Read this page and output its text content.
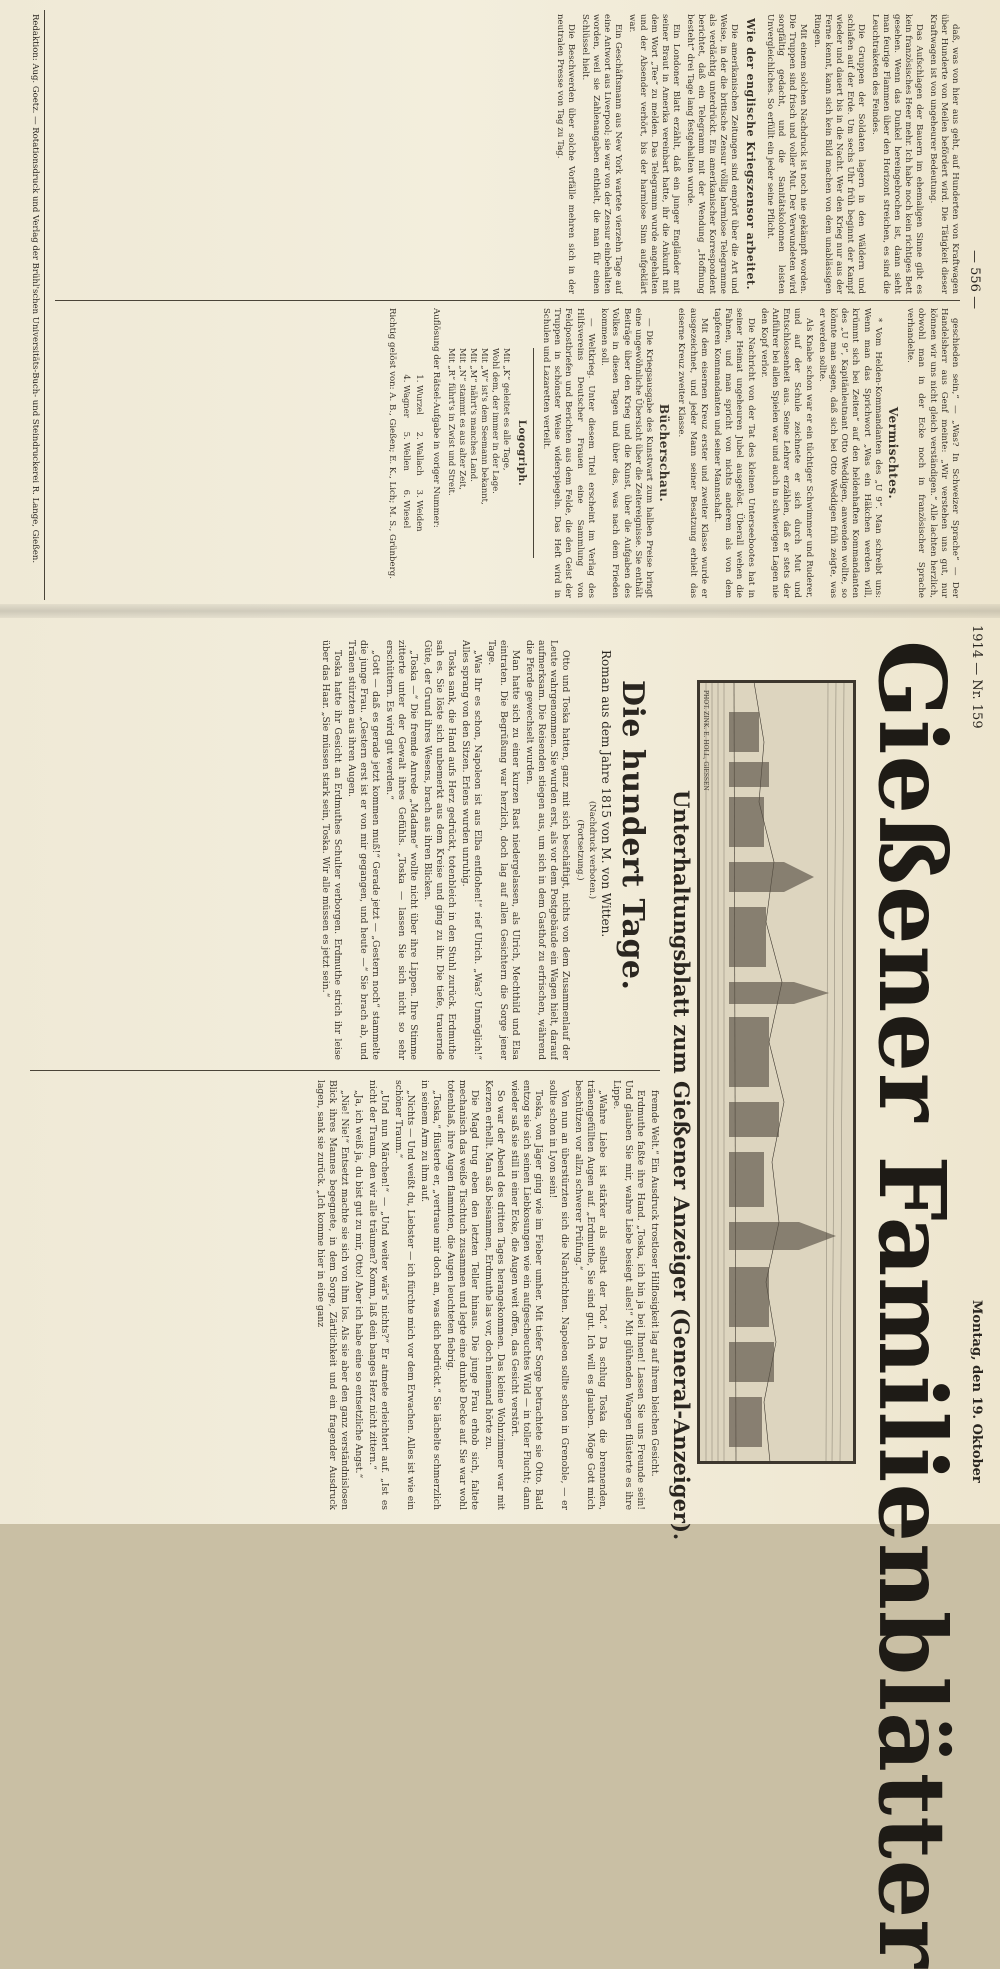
— 556 —

daß, was von hier aus geht, auf Hunderten von Kraftwagen über Hunderte von Meilen befördert wird. Die Tätigkeit dieser Kraftwagen ist von ungeheurer Bedeutung.

Das Aufschlagen der Bauern im ehemaligen Sinne gibt es kein französisches Heer mehr. Ich habe noch kein richtiges Bett gesehen. Wenn das Dunkel hereingebrochen ist, dann sieht man feurige Flammen über den Horizont streichen, es sind die Leuchtraketen des Feindes.

Die Gruppen der Soldaten lagern in den Wäldern und schlafen auf der Erde. Um sechs Uhr früh beginnt der Kampf wieder und dauert bis in die Nacht. Wer den Krieg nur aus der Ferne kennt, kann sich kein Bild machen von dem unablässigen Ringen.

Mit einem solchen Nachdruck ist noch nie gekämpft worden. Die Truppen sind frisch und voller Mut. Der Verwundeten wird sorgfältig gedacht, und die Sanitätskolonnen leisten Unvergleichliches. So erfüllt ein jeder seine Pflicht.

Wie der englische Kriegszensor arbeitet.

Die amerikanischen Zeitungen sind empört über die Art und Weise, in der die britische Zensur völlig harmlose Telegramme als verdächtig unterdrückt. Ein amerikanischer Korrespondent berichtet, daß ein Telegramm mit der Wendung „Hoffnung besteht“ drei Tage lang festgehalten wurde.

Ein Londoner Blatt erzählt, daß ein junger Engländer mit seiner Braut in Amerika vereinbart hatte, ihr die Ankunft mit dem Wort „Tee“ zu melden. Das Telegramm wurde angehalten und der Absender verhört, bis der harmlose Sinn aufgeklärt war.

Ein Geschäftsmann aus New York wartete vierzehn Tage auf eine Antwort aus Liverpool; sie war von der Zensur einbehalten worden, weil sie Zahlenangaben enthielt, die man für einen Schlüssel hielt.

Die Beschwerden über solche Vorfälle mehren sich in der neutralen Presse von Tag zu Tag.

geschieden sein,“ — „Was? In Schweizer Sprache“ — Der Handelsherr aus Genf meinte: „Wir verstehen uns gut, nur können wir uns nicht gleich verständigen.“ Alle lachten herzlich, obwohl man in der Ecke noch in französischer Sprache verhandelte.

Vermischtes.

* Vom Helden-Kommandanten des „U 9“. Man schreibt uns: Wenn man das Sprichwort „Was ein Häkchen werden will, krümmt sich bei Zeiten“ auf den heldenhaften Kommandanten des „U 9“, Kapitänleutnant Otto Weddigen, anwenden wollte, so könnte man sagen, daß sich bei Otto Weddigen früh zeigte, was er werden sollte.

Als Knabe schon war er ein tüchtiger Schwimmer und Ruderer, und auf der Schule zeichnete er sich durch Mut und Entschlossenheit aus. Seine Lehrer erzählen, daß er stets der Anführer bei allen Spielen war und auch in schwierigen Lagen nie den Kopf verlor.

Die Nachricht von der Tat des kleinen Unterseebootes hat in seiner Heimat ungeheuren Jubel ausgelöst. Überall wehen die Fahnen, und man spricht von nichts anderem als von dem tapferen Kommandanten und seiner Mannschaft.

Mit dem eisernen Kreuz erster und zweiter Klasse wurde er ausgezeichnet, und jeder Mann seiner Besatzung erhielt das eiserne Kreuz zweiter Klasse.

Bücherschau.

— Die Kriegsausgabe des Kunstwart zum halben Preise bringt eine ungewöhnliche Übersicht über die Zeitereignisse. Sie enthält Beiträge über den Krieg und die Kunst, über die Aufgaben des Volkes in diesen Tagen und über das, was nach dem Frieden kommen soll.

— Weltkrieg. Unter diesem Titel erscheint im Verlag des Hilfsvereins Deutscher Frauen eine Sammlung von Feldpostbriefen und Berichten aus dem Felde, die den Geist der Truppen in schönster Weise widerspiegeln. Das Heft wird in Schulen und Lazaretten verteilt.

Logogriph.
Mit „K“ geleitet es alle Tage,
Wohl dem, der immer in der Lage.
Mit „W“ ist's dem Seemann bekannt,
Mit „M“ nährt's manches Land.
Mit „N“ stammt es aus alter Zeit,
Mit „R“ führt's in Zwist und Streit.
Auflösung der Rätsel-Aufgabe in voriger Nummer:
1. Wurzel	2. Wallach	3. Weiden
4. Wagner	5. Wellen	6. Wiesel
Richtig gelöst von: A. B., Gießen; E. K., Lich; M. S., Grünberg.
Redaktion: Aug. Goetz. — Rotationsdruck und Verlag der Brühl'schen Universitäts-Buch- und Steindruckerei R. Lange, Gießen.
1914 — Nr. 159
Montag, den 19. Oktober
Gießener Familienblätter
PHOT. ZINK. E. HOLL, GIESSEN
Unterhaltungsblatt zum Gießener Anzeiger (General-Anzeiger).
Die hundert Tage.
Roman aus dem Jahre 1815 von M. von Witten.
(Nachdruck verboten.)
(Fortsetzung.)

Otto und Toska hatten, ganz mit sich beschäftigt, nichts von dem Zusammenlauf der Leute wahrgenommen. Sie wurden erst, als vor dem Postgebäude ein Wagen hielt, darauf aufmerksam. Die Reisenden stiegen aus, um sich in dem Gasthof zu erfrischen, während die Pferde gewechselt wurden.

Man hatte sich zu einer kurzen Rast niedergelassen, als Ulrich, Mechthild und Elsa eintraten. Die Begrüßung war herzlich, doch lag auf allen Gesichtern die Sorge jener Tage.

„Was Ihr es schon, Napoleon ist aus Elba entflohen!“ rief Ulrich. „Was? Unmöglich!“ Alles sprang von den Sitzen. Erlens wurden unruhig.

Toska sank, die Hand aufs Herz gedrückt, totenbleich in den Stuhl zurück. Erdmuthe sah es. Sie löste sich unbemerkt aus dem Kreise und ging zu ihr. Die tiefe, trauernde Güte, der Grund ihres Wesens, brach aus ihren Blicken.

„Toska —“ Die fremde Anrede „Madame“ wollte nicht über ihre Lippen. Ihre Stimme zitterte unter der Gewalt ihres Gefühls. „Toska — lassen Sie sich nicht so sehr erschüttern. Es wird gut werden.“

„Gott — daß es gerade jetzt kommen muß!“ Gerade jetzt — „Gestern noch“ stammelte die junge Frau. „Gestern erst ist er von mir gegangen, und heute —“ Sie brach ab, und Tränen stürzten aus ihren Augen.

Toska hatte ihr Gesicht an Erdmuthes Schulter verborgen. Erdmuthe strich ihr leise über das Haar. „Sie müssen stark sein, Toska. Wir alle müssen es jetzt sein.“

fremde Welt.“ Ein Ausdruck trostloser Hilflosigkeit lag auf ihrem bleichen Gesicht.

Erdmuthe faßte ihre Hand. „Toska, ich bin ja bei Ihnen! Lassen Sie uns Freunde sein! Und glauben Sie mir, wahre Liebe besiegt alles!“ Mit glühenden Wangen flüsterte es ihre Lippe.

„Wahre Liebe ist stärker als selbst der Tod.“ Da schlug Toska die brennenden, tränengefüllten Augen auf. „Erdmuthe, Sie sind gut. Ich will es glauben. Möge Gott mich beschützen vor allzu schwerer Prüfung.“

Von nun an überstürzten sich die Nachrichten. Napoleon sollte schon in Grenoble, — er sollte schon in Lyon sein!

Toska, von Jäger ging wie im Fieber umher. Mit tiefer Sorge betrachtete sie Otto. Bald entzog sie sich seinen Liebkosungen wie ein aufgescheuchtes Wild — in toller Flucht; dann wieder saß sie still in einer Ecke, die Augen weit offen, das Gesicht verstört.

So war der Abend des dritten Tages herangekommen. Das kleine Wohnzimmer war mit Kerzen erhellt. Man saß beisammen, Erdmuthe las vor, doch niemand hörte zu.

Die Magd trug eben den letzten Teller hinaus. Die junge Frau erhob sich, faltete mechanisch das weiße Tischtuch zusammen und legte eine dunkle Decke auf. Sie war wohl totenblaß, ihre Augen flammten, die Augen leuchteten fiebrig.

„Toska,“ flüsterte er, „vertraue mir doch an, was dich bedrückt.“ Sie lächelte schmerzlich in seinem Arm zu ihm auf.

„Nichts — Und weißt du, Liebster — ich fürchte mich vor dem Erwachen. Alles ist wie ein schöner Traum.“

„Und nun Märchen!“ — „Und weiter wär's nichts?“ Er atmete erleichtert auf. „Ist es nicht der Traum, den wir alle träumen? Komm, laß dein banges Herz nicht zittern.“

„Ja, ich weiß ja, du bist gut zu mir, Otto! Aber ich habe eine so entsetzliche Angst.“

„Nie! Nie!“ Entsetzt machte sie sich von ihm los. Als sie aber den ganz verständnislosen Blick ihres Mannes begegnete, in dem Sorge, Zärtlichkeit und ein fragender Ausdruck lagen, sank sie zurück. „Ich komme hier in eine ganz
